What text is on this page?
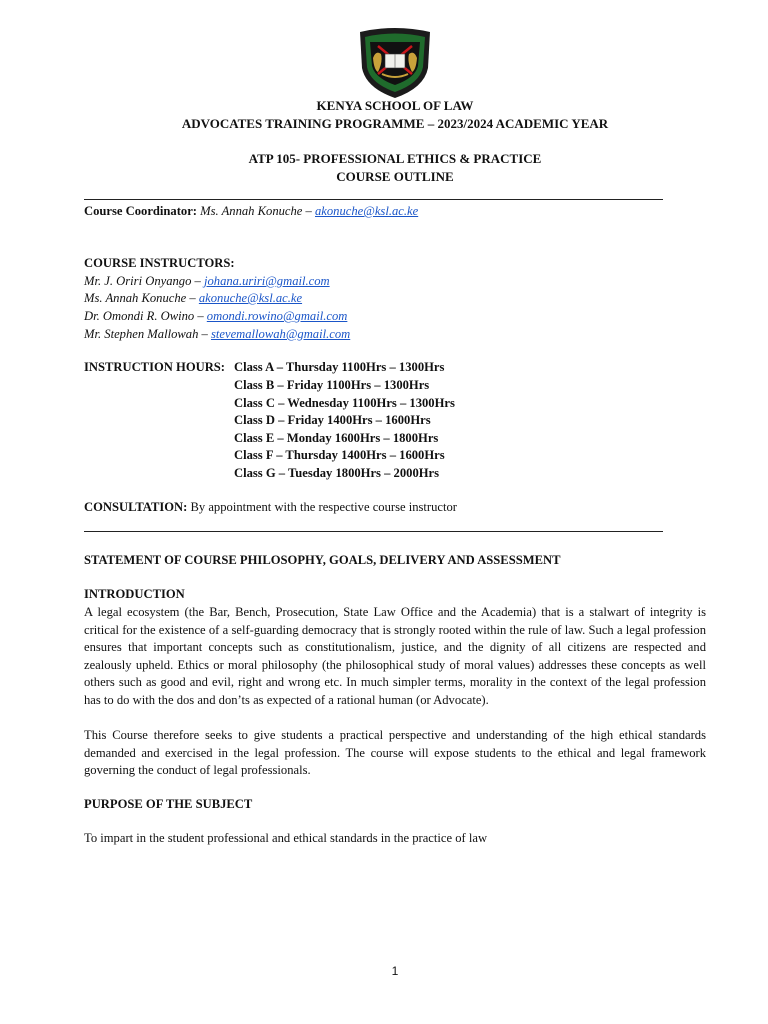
KENYA SCHOOL OF LAW
ADVOCATES TRAINING PROGRAMME – 2023/2024 ACADEMIC YEAR
ATP 105- PROFESSIONAL ETHICS & PRACTICE
COURSE OUTLINE
Course Coordinator: Ms. Annah Konuche – akonuche@ksl.ac.ke
COURSE INSTRUCTORS:
Mr. J. Oriri Onyango – johana.uriri@gmail.com
Ms. Annah Konuche – akonuche@ksl.ac.ke
Dr. Omondi R. Owino – omondi.rowino@gmail.com
Mr. Stephen Mallowah – stevemallowah@gmail.com
INSTRUCTION HOURS: Class A – Thursday 1100Hrs – 1300Hrs
Class B – Friday 1100Hrs – 1300Hrs
Class C – Wednesday 1100Hrs – 1300Hrs
Class D – Friday 1400Hrs – 1600Hrs
Class E – Monday 1600Hrs – 1800Hrs
Class F – Thursday 1400Hrs – 1600Hrs
Class G – Tuesday 1800Hrs – 2000Hrs
CONSULTATION: By appointment with the respective course instructor
STATEMENT OF COURSE PHILOSOPHY, GOALS, DELIVERY AND ASSESSMENT
INTRODUCTION
A legal ecosystem (the Bar, Bench, Prosecution, State Law Office and the Academia) that is a stalwart of integrity is critical for the existence of a self-guarding democracy that is strongly rooted within the rule of law. Such a legal profession ensures that important concepts such as constitutionalism, justice, and the dignity of all citizens are respected and zealously upheld. Ethics or moral philosophy (the philosophical study of moral values) addresses these concepts as well others such as good and evil, right and wrong etc. In much simpler terms, morality in the context of the legal profession has to do with the dos and don’ts as expected of a rational human (or Advocate).
This Course therefore seeks to give students a practical perspective and understanding of the high ethical standards demanded and exercised in the legal profession. The course will expose students to the ethical and legal framework governing the conduct of legal professionals.
PURPOSE OF THE SUBJECT
To impart in the student professional and ethical standards in the practice of law
1
